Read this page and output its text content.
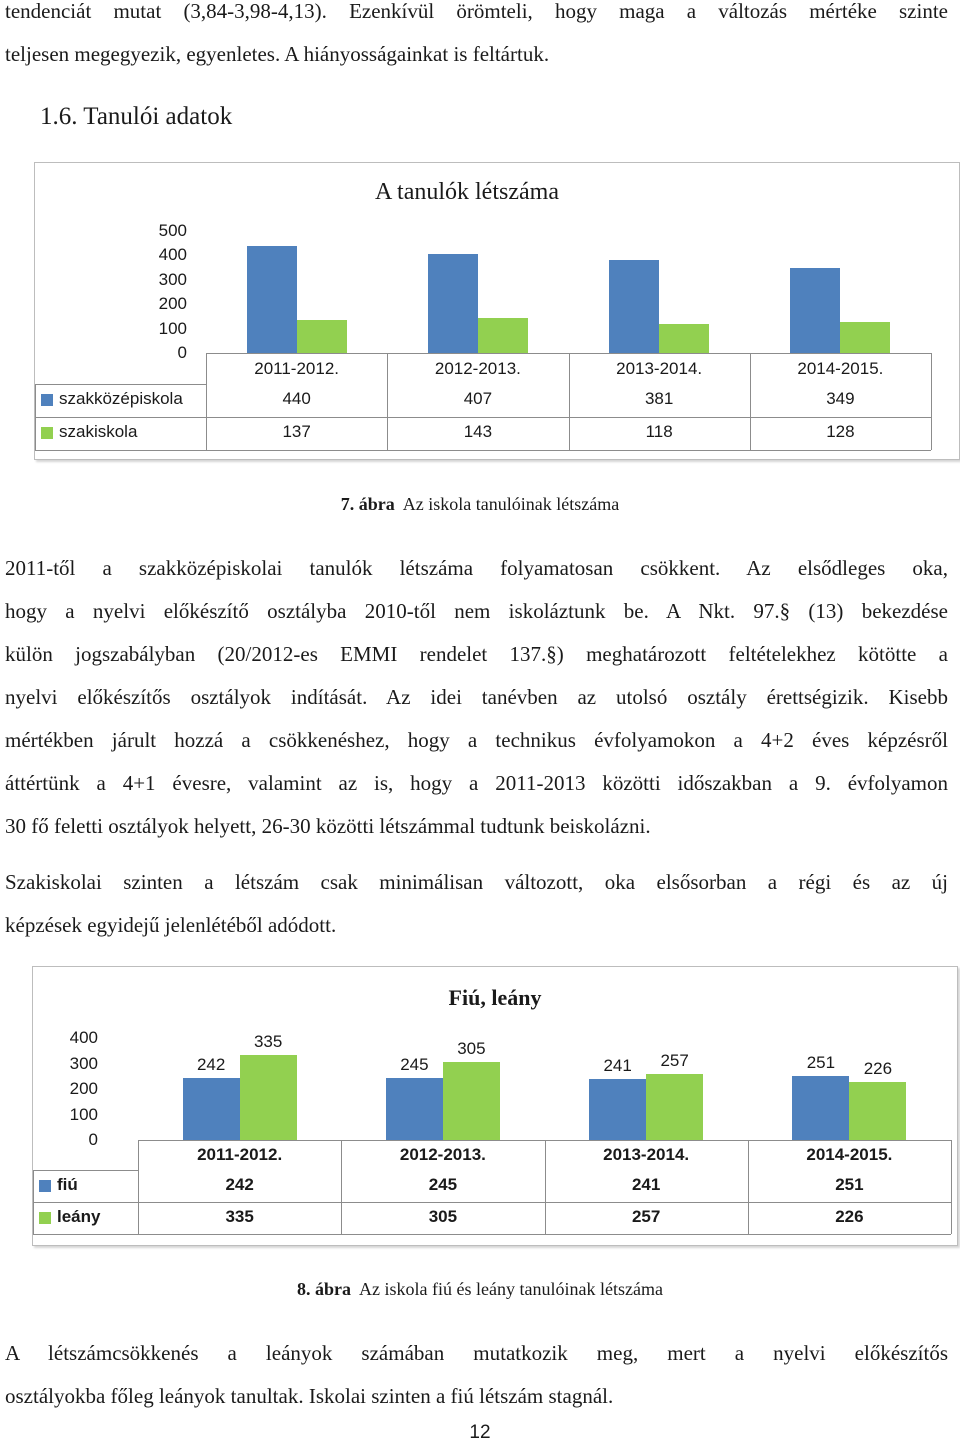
tendenciát mutat (3,84-3,98-4,13). Ezenkívül örömteli, hogy maga a változás mértéke szinte
teljesen megegyezik, egyenletes. A hiányosságainkat is feltártuk.
1.6. Tanulói adatok
A tanulók létszáma
500
400
300
200
100
0
2011-2012.	2012-2013.	2013-2014.	2014-2015.
szakközépiskola	440	407	381	349
szakiskola	137	143	118	128
7. ábra Az iskola tanulóinak létszáma
2011-től a szakközépiskolai tanulók létszáma folyamatosan csökkent. Az elsődleges oka,
hogy a nyelvi előkészítő osztályba 2010-től nem iskoláztunk be. A Nkt. 97.§ (13) bekezdése
külön jogszabályban (20/2012-es EMMI rendelet 137.§) meghatározott feltételekhez kötötte a
nyelvi előkészítős osztályok indítását. Az idei tanévben az utolsó osztály érettségizik. Kisebb
mértékben járult hozzá a csökkenéshez, hogy a technikus évfolyamokon a 4+2 éves képzésről
áttértünk a 4+1 évesre, valamint az is, hogy a 2011-2013 közötti időszakban a 9. évfolyamon
30 fő feletti osztályok helyett, 26-30 közötti létszámmal tudtunk beiskolázni.
Szakiskolai szinten a létszám csak minimálisan változott, oka elsősorban a régi és az új
képzések egyidejű jelenlétéből adódott.
Fiú, leány
400
300
200
100
0
242
335
245
305
241	257	251	226
2011-2012.	2012-2013.	2013-2014.	2014-2015.
fiú	242	245	241	251
leány	335	305	257	226
8. ábra Az iskola fiú és leány tanulóinak létszáma
A létszámcsökkenés a leányok számában mutatkozik meg, mert a nyelvi előkészítős
osztályokba főleg leányok tanultak. Iskolai szinten a fiú létszám stagnál.
12
